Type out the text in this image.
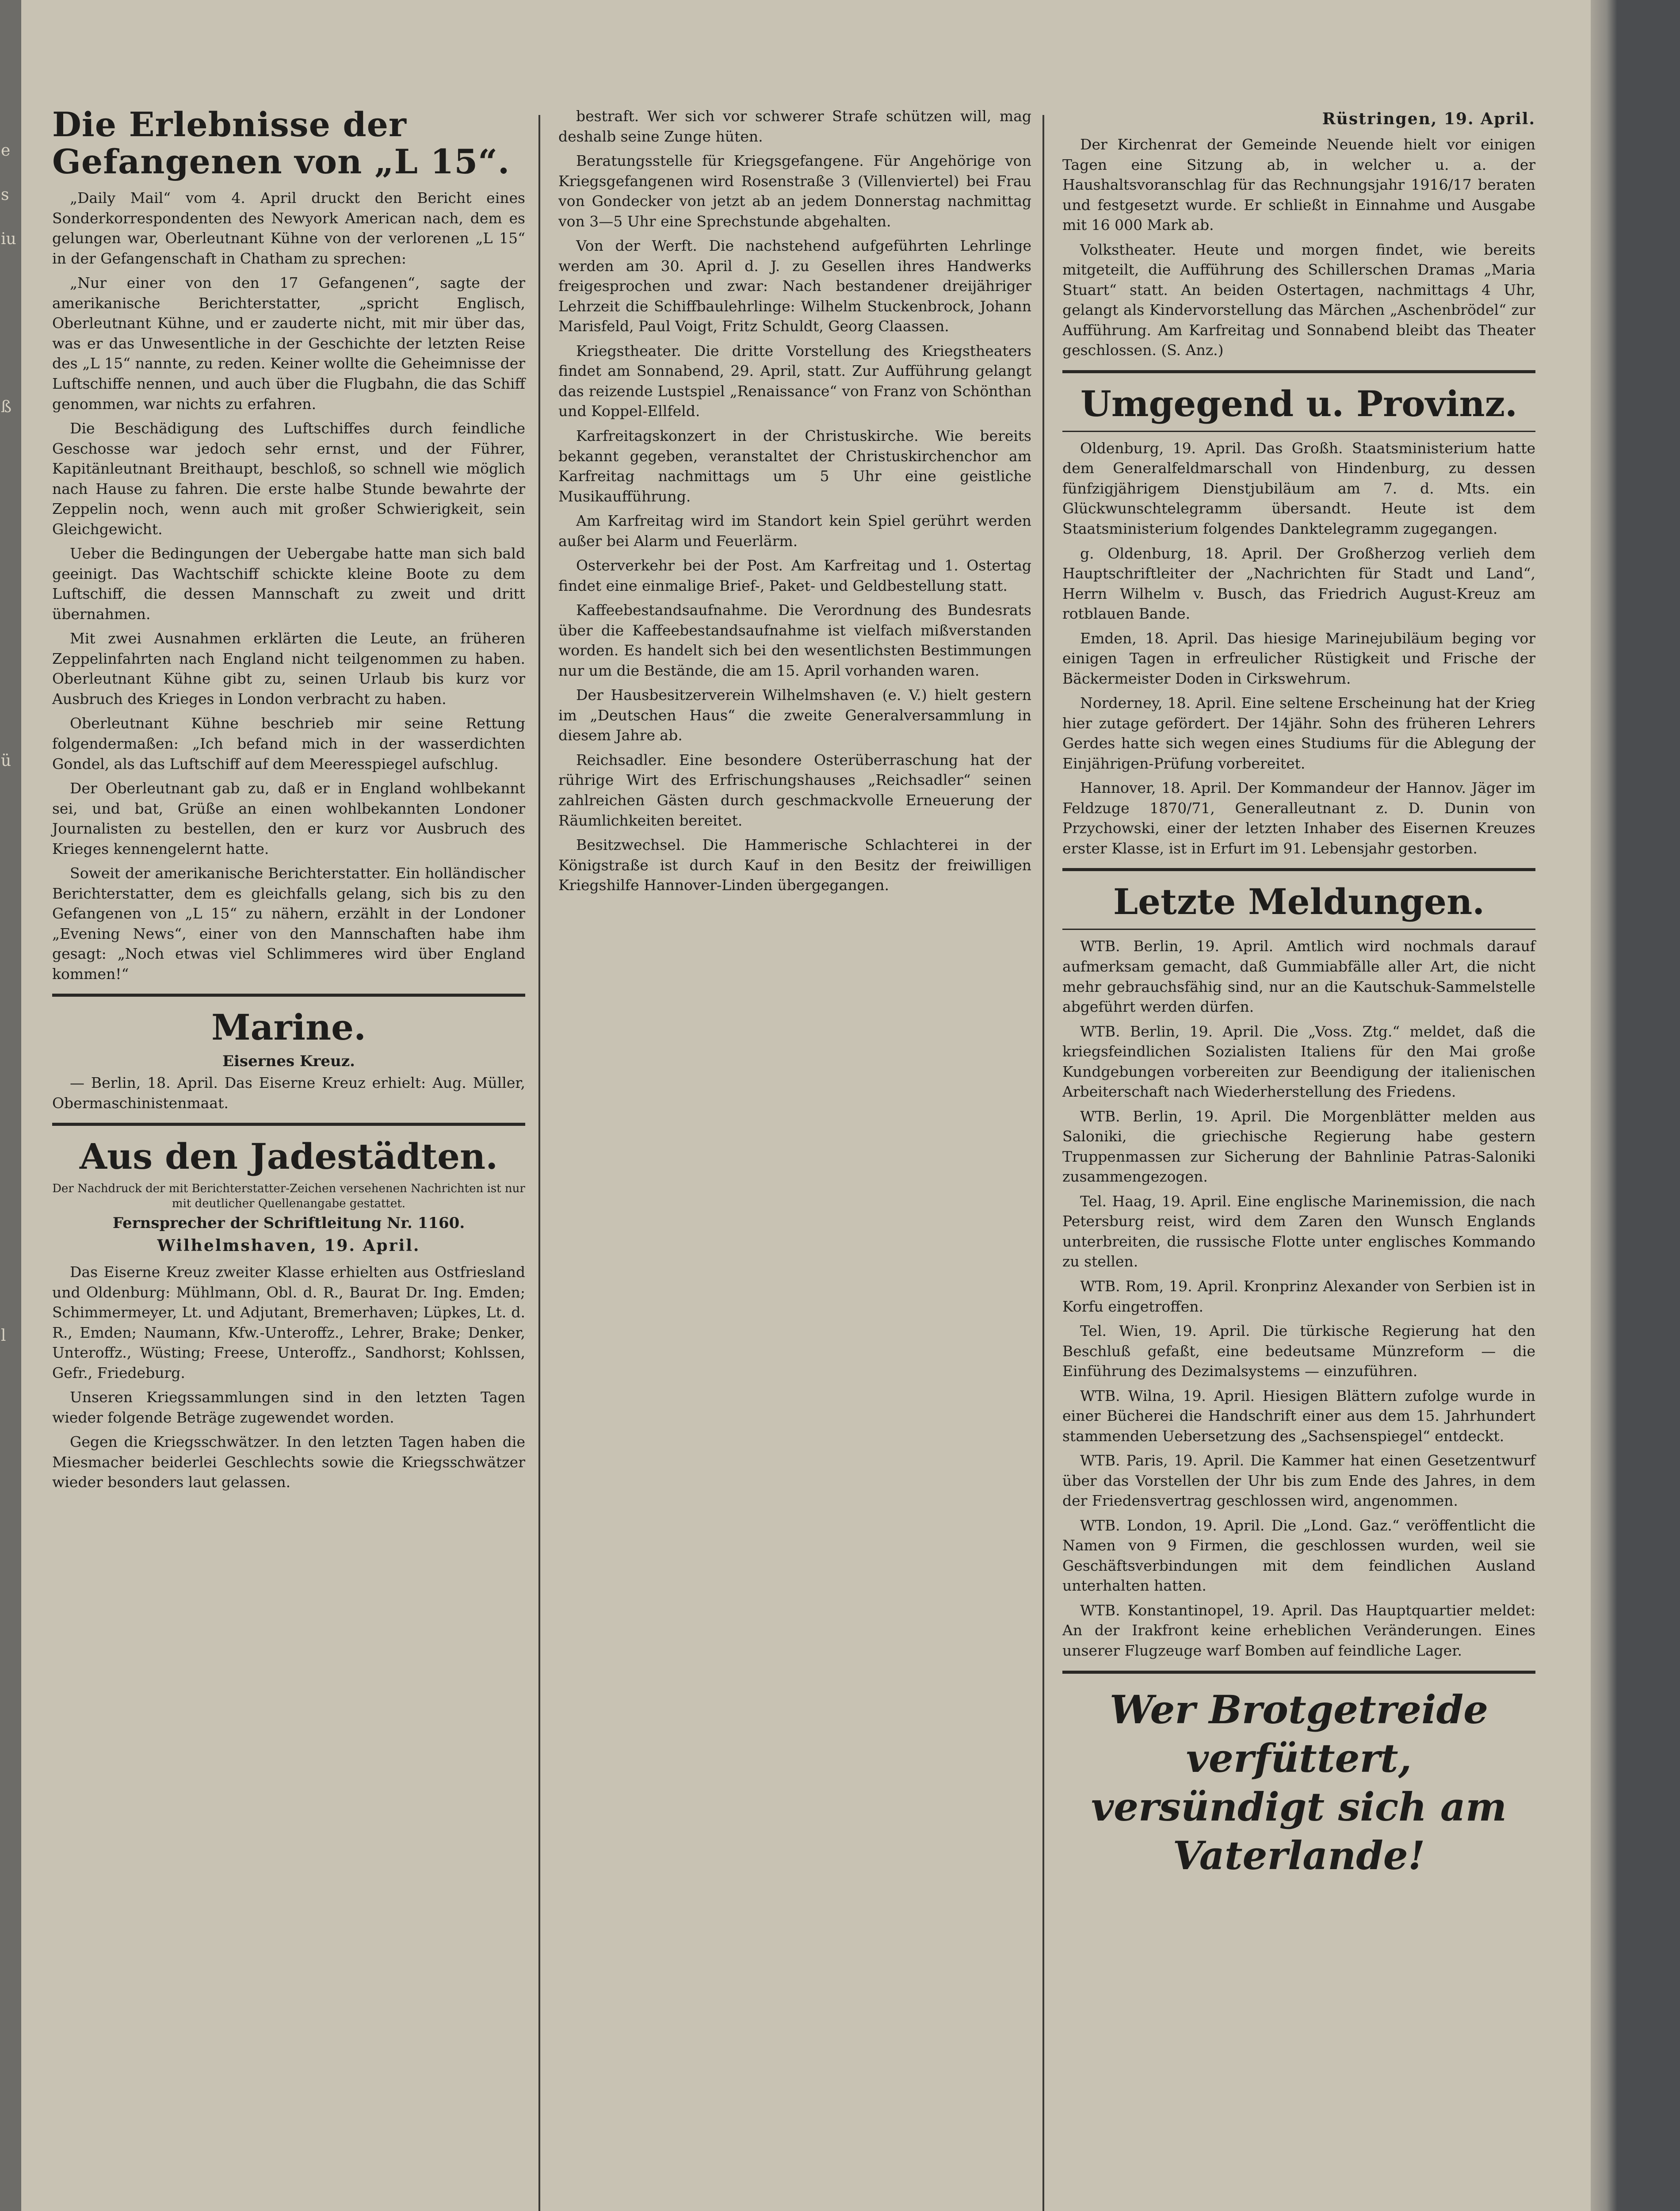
e
s
iu
ß
ü
l
Die Erlebnisse der Gefangenen von „L 15“.

„Daily Mail“ vom 4. April druckt den Bericht eines Sonderkorrespondenten des Newyork American nach, dem es gelungen war, Oberleutnant Kühne von der verlorenen „L 15“ in der Gefangenschaft in Chatham zu sprechen:

„Nur einer von den 17 Gefangenen“, sagte der amerikanische Berichterstatter, „spricht Englisch, Oberleutnant Kühne, und er zauderte nicht, mit mir über das, was er das Unwesentliche in der Geschichte der letzten Reise des „L 15“ nannte, zu reden. Keiner wollte die Geheimnisse der Luftschiffe nennen, und auch über die Flugbahn, die das Schiff genommen, war nichts zu erfahren.

Die Beschädigung des Luftschiffes durch feindliche Geschosse war jedoch sehr ernst, und der Führer, Kapitänleutnant Breithaupt, beschloß, so schnell wie möglich nach Hause zu fahren. Die erste halbe Stunde bewahrte der Zeppelin noch, wenn auch mit großer Schwierigkeit, sein Gleichgewicht.

Ueber die Bedingungen der Uebergabe hatte man sich bald geeinigt. Das Wachtschiff schickte kleine Boote zu dem Luftschiff, die dessen Mannschaft zu zweit und dritt übernahmen.

Mit zwei Ausnahmen erklärten die Leute, an früheren Zeppelinfahrten nach England nicht teilgenommen zu haben. Oberleutnant Kühne gibt zu, seinen Urlaub bis kurz vor Ausbruch des Krieges in London verbracht zu haben.

Oberleutnant Kühne beschrieb mir seine Rettung folgendermaßen: „Ich befand mich in der wasserdichten Gondel, als das Luftschiff auf dem Meeresspiegel aufschlug.

Der Oberleutnant gab zu, daß er in England wohlbekannt sei, und bat, Grüße an einen wohlbekannten Londoner Journalisten zu bestellen, den er kurz vor Ausbruch des Krieges kennengelernt hatte.

Soweit der amerikanische Berichterstatter. Ein holländischer Berichterstatter, dem es gleichfalls gelang, sich bis zu den Gefangenen von „L 15“ zu nähern, erzählt in der Londoner „Evening News“, einer von den Mannschaften habe ihm gesagt: „Noch etwas viel Schlimmeres wird über England kommen!“

Marine.
Eisernes Kreuz.

— Berlin, 18. April. Das Eiserne Kreuz erhielt: Aug. Müller, Obermaschinistenmaat.

Aus den Jadestädten.
Der Nachdruck der mit Berichterstatter-Zeichen versehenen Nachrichten ist nur mit deutlicher Quellenangabe gestattet.
Fernsprecher der Schriftleitung Nr. 1160.
Wilhelmshaven, 19. April.

Das Eiserne Kreuz zweiter Klasse erhielten aus Ostfriesland und Oldenburg: Mühlmann, Obl. d. R., Baurat Dr. Ing. Emden; Schimmermeyer, Lt. und Adjutant, Bremerhaven; Lüpkes, Lt. d. R., Emden; Naumann, Kfw.-Unteroffz., Lehrer, Brake; Denker, Unteroffz., Wüsting; Freese, Unteroffz., Sandhorst; Kohlssen, Gefr., Friedeburg.

Unseren Kriegssammlungen sind in den letzten Tagen wieder folgende Beträge zugewendet worden.

Gegen die Kriegsschwätzer. In den letzten Tagen haben die Miesmacher beiderlei Geschlechts sowie die Kriegsschwätzer wieder besonders laut gelassen.

bestraft. Wer sich vor schwerer Strafe schützen will, mag deshalb seine Zunge hüten.

Beratungsstelle für Kriegsgefangene. Für Angehörige von Kriegsgefangenen wird Rosenstraße 3 (Villenviertel) bei Frau von Gondecker von jetzt ab an jedem Donnerstag nachmittag von 3—5 Uhr eine Sprechstunde abgehalten.

Von der Werft. Die nachstehend aufgeführten Lehrlinge werden am 30. April d. J. zu Gesellen ihres Handwerks freigesprochen und zwar: Nach bestandener dreijähriger Lehrzeit die Schiffbaulehrlinge: Wilhelm Stuckenbrock, Johann Marisfeld, Paul Voigt, Fritz Schuldt, Georg Claassen.

Kriegstheater. Die dritte Vorstellung des Kriegstheaters findet am Sonnabend, 29. April, statt. Zur Aufführung gelangt das reizende Lustspiel „Renaissance“ von Franz von Schönthan und Koppel-Ellfeld.

Karfreitagskonzert in der Christuskirche. Wie bereits bekannt gegeben, veranstaltet der Christuskirchenchor am Karfreitag nachmittags um 5 Uhr eine geistliche Musikaufführung.

Am Karfreitag wird im Standort kein Spiel gerührt werden außer bei Alarm und Feuerlärm.

Osterverkehr bei der Post. Am Karfreitag und 1. Ostertag findet eine einmalige Brief-, Paket- und Geldbestellung statt.

Kaffeebestandsaufnahme. Die Verordnung des Bundesrats über die Kaffeebestandsaufnahme ist vielfach mißverstanden worden. Es handelt sich bei den wesentlichsten Bestimmungen nur um die Bestände, die am 15. April vorhanden waren.

Der Hausbesitzerverein Wilhelmshaven (e. V.) hielt gestern im „Deutschen Haus“ die zweite Generalversammlung in diesem Jahre ab.

Reichsadler. Eine besondere Osterüberraschung hat der rührige Wirt des Erfrischungshauses „Reichsadler“ seinen zahlreichen Gästen durch geschmackvolle Erneuerung der Räumlichkeiten bereitet.

Besitzwechsel. Die Hammerische Schlachterei in der Königstraße ist durch Kauf in den Besitz der freiwilligen Kriegshilfe Hannover-Linden übergegangen.

Rüstringen, 19. April.

Der Kirchenrat der Gemeinde Neuende hielt vor einigen Tagen eine Sitzung ab, in welcher u. a. der Haushaltsvoranschlag für das Rechnungsjahr 1916/17 beraten und festgesetzt wurde. Er schließt in Einnahme und Ausgabe mit 16 000 Mark ab.

Volkstheater. Heute und morgen findet, wie bereits mitgeteilt, die Aufführung des Schillerschen Dramas „Maria Stuart“ statt. An beiden Ostertagen, nachmittags 4 Uhr, gelangt als Kindervorstellung das Märchen „Aschenbrödel“ zur Aufführung. Am Karfreitag und Sonnabend bleibt das Theater geschlossen. (S. Anz.)

Umgegend u. Provinz.

Oldenburg, 19. April. Das Großh. Staatsministerium hatte dem Generalfeldmarschall von Hindenburg, zu dessen fünfzigjährigem Dienstjubiläum am 7. d. Mts. ein Glückwunschtelegramm übersandt. Heute ist dem Staatsministerium folgendes Danktelegramm zugegangen.

g. Oldenburg, 18. April. Der Großherzog verlieh dem Hauptschriftleiter der „Nachrichten für Stadt und Land“, Herrn Wilhelm v. Busch, das Friedrich August-Kreuz am rotblauen Bande.

Emden, 18. April. Das hiesige Marinejubiläum beging vor einigen Tagen in erfreulicher Rüstigkeit und Frische der Bäckermeister Doden in Cirkswehrum.

Norderney, 18. April. Eine seltene Erscheinung hat der Krieg hier zutage gefördert. Der 14jähr. Sohn des früheren Lehrers Gerdes hatte sich wegen eines Studiums für die Ablegung der Einjährigen-Prüfung vorbereitet.

Hannover, 18. April. Der Kommandeur der Hannov. Jäger im Feldzuge 1870/71, Generalleutnant z. D. Dunin von Przychowski, einer der letzten Inhaber des Eisernen Kreuzes erster Klasse, ist in Erfurt im 91. Lebensjahr gestorben.

Letzte Meldungen.

WTB. Berlin, 19. April. Amtlich wird nochmals darauf aufmerksam gemacht, daß Gummiabfälle aller Art, die nicht mehr gebrauchsfähig sind, nur an die Kautschuk-Sammelstelle abgeführt werden dürfen.

WTB. Berlin, 19. April. Die „Voss. Ztg.“ meldet, daß die kriegsfeindlichen Sozialisten Italiens für den Mai große Kundgebungen vorbereiten zur Beendigung der italienischen Arbeiterschaft nach Wiederherstellung des Friedens.

WTB. Berlin, 19. April. Die Morgenblätter melden aus Saloniki, die griechische Regierung habe gestern Truppenmassen zur Sicherung der Bahnlinie Patras-Saloniki zusammengezogen.

Tel. Haag, 19. April. Eine englische Marinemission, die nach Petersburg reist, wird dem Zaren den Wunsch Englands unterbreiten, die russische Flotte unter englisches Kommando zu stellen.

WTB. Rom, 19. April. Kronprinz Alexander von Serbien ist in Korfu eingetroffen.

Tel. Wien, 19. April. Die türkische Regierung hat den Beschluß gefaßt, eine bedeutsame Münzreform — die Einführung des Dezimalsystems — einzuführen.

WTB. Wilna, 19. April. Hiesigen Blättern zufolge wurde in einer Bücherei die Handschrift einer aus dem 15. Jahrhundert stammenden Uebersetzung des „Sachsenspiegel“ entdeckt.

WTB. Paris, 19. April. Die Kammer hat einen Gesetzentwurf über das Vorstellen der Uhr bis zum Ende des Jahres, in dem der Friedensvertrag geschlossen wird, angenommen.

WTB. London, 19. April. Die „Lond. Gaz.“ veröffentlicht die Namen von 9 Firmen, die geschlossen wurden, weil sie Geschäftsverbindungen mit dem feindlichen Ausland unterhalten hatten.

WTB. Konstantinopel, 19. April. Das Hauptquartier meldet: An der Irakfront keine erheblichen Veränderungen. Eines unserer Flugzeuge warf Bomben auf feindliche Lager.

Wer Brotgetreide verfüttert,
versündigt sich am Vaterlande!
